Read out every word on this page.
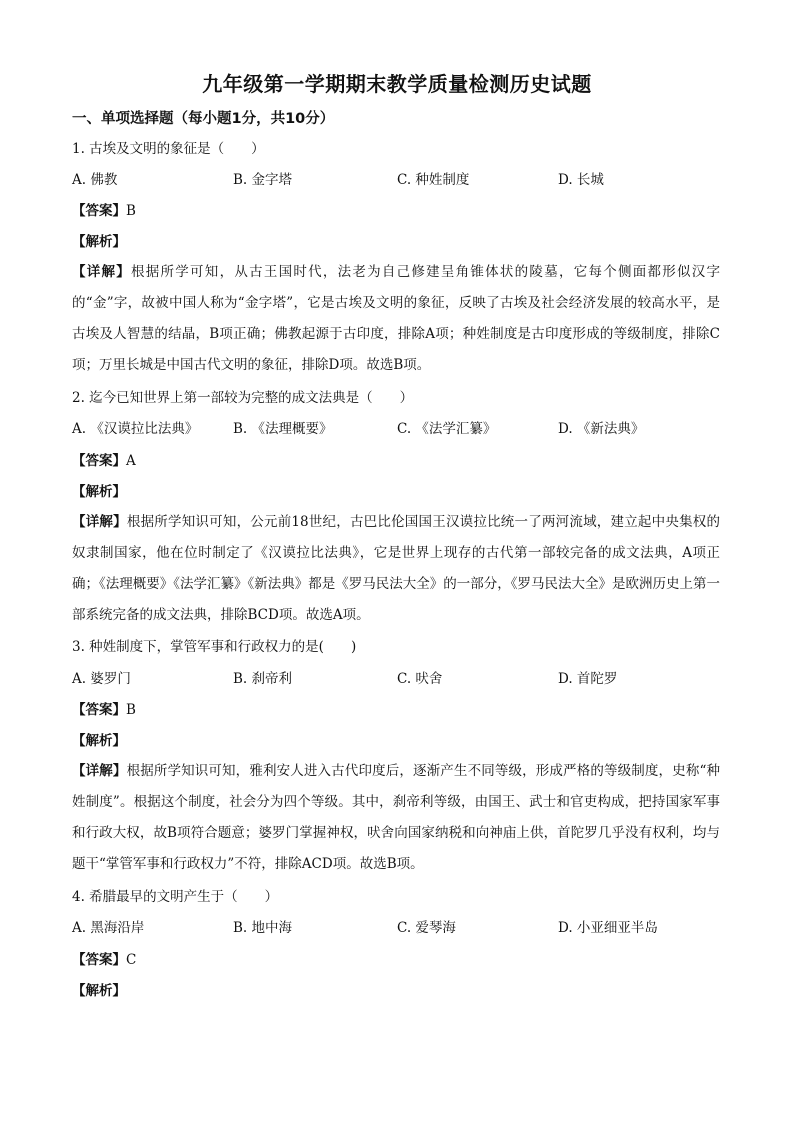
九年级第一学期期末教学质量检测历史试题
一、单项选择题（每小题1分，共10分）
1. 古埃及文明的象征是（　　）
A. 佛教	B. 金字塔	C. 种姓制度	D. 长城
【答案】B
【解析】
【详解】根据所学可知，从古王国时代，法老为自己修建呈角锥体状的陵墓，它每个侧面都形似汉字的“金”字，故被中国人称为“金字塔”，它是古埃及文明的象征，反映了古埃及社会经济发展的较高水平，是古埃及人智慧的结晶，B项正确；佛教起源于古印度，排除A项；种姓制度是古印度形成的等级制度，排除C项；万里长城是中国古代文明的象征，排除D项。故选B项。
2. 迄今已知世界上第一部较为完整的成文法典是（　　）
A. 《汉谟拉比法典》	B. 《法理概要》	C. 《法学汇纂》	D. 《新法典》
【答案】A
【解析】
【详解】根据所学知识可知，公元前18世纪，古巴比伦国国王汉谟拉比统一了两河流域，建立起中央集权的奴隶制国家，他在位时制定了《汉谟拉比法典》，它是世界上现存的古代第一部较完备的成文法典，A项正确；《法理概要》《法学汇纂》《新法典》都是《罗马民法大全》的一部分，《罗马民法大全》是欧洲历史上第一部系统完备的成文法典，排除BCD项。故选A项。
3. 种姓制度下，掌管军事和行政权力的是(　　)
A. 婆罗门	B. 刹帝利	C. 吠舍	D. 首陀罗
【答案】B
【解析】
【详解】根据所学知识可知，雅利安人进入古代印度后，逐渐产生不同等级，形成严格的等级制度，史称“种姓制度”。根据这个制度，社会分为四个等级。其中，刹帝利等级，由国王、武士和官吏构成，把持国家军事和行政大权，故B项符合题意；婆罗门掌握神权，吠舍向国家纳税和向神庙上供，首陀罗几乎没有权利，均与题干“掌管军事和行政权力”不符，排除ACD项。故选B项。
4. 希腊最早的文明产生于（　　）
A. 黑海沿岸	B. 地中海	C. 爱琴海	D. 小亚细亚半岛
【答案】C
【解析】
